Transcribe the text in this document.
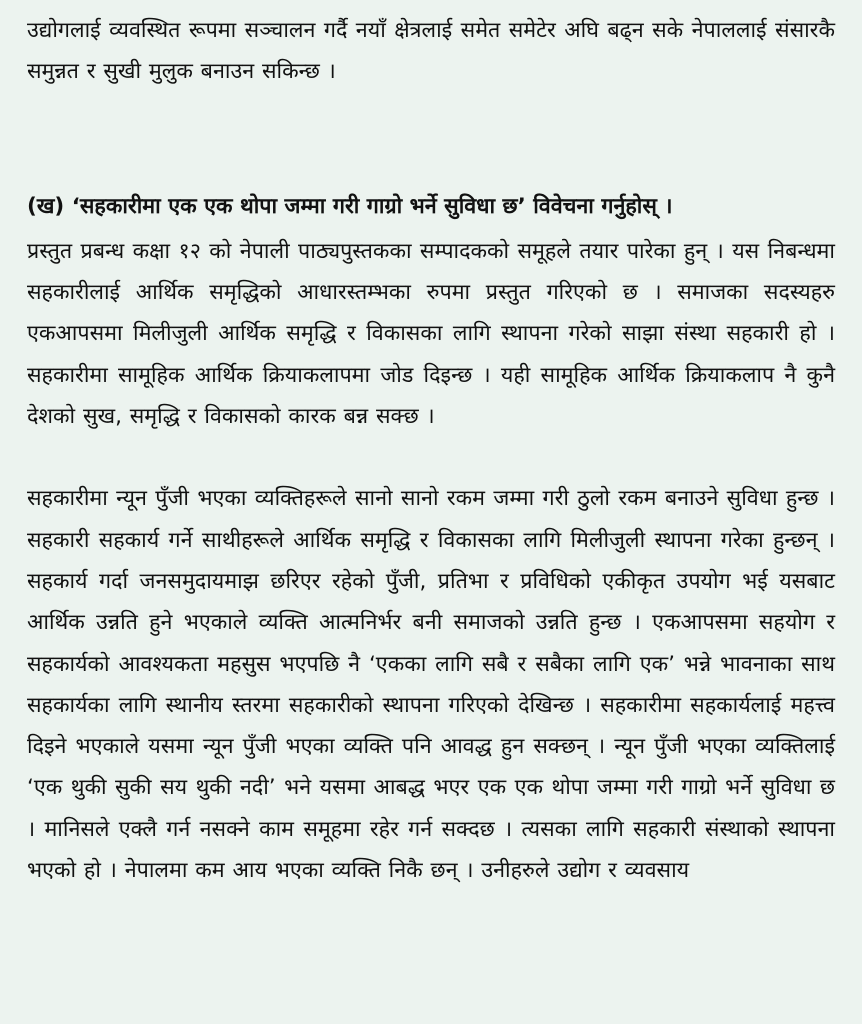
उद्योगलाई व्यवस्थित रूपमा सञ्चालन गर्दै नयाँ क्षेत्रलाई समेत समेटेर अघि बढ्न सके नेपाललाई संसारकै समुन्नत र सुखी मुलुक बनाउन सकिन्छ ।

(ख) ‘सहकारीमा एक एक थोपा जम्मा गरी गाग्रो भर्ने सुविधा छ’ विवेचना गर्नुहोस् ।

प्रस्तुत प्रबन्ध कक्षा १२ को नेपाली पाठ्यपुस्तकका सम्पादकको समूहले तयार पारेका हुन् । यस निबन्धमा सहकारीलाई आर्थिक समृद्धिको आधारस्तम्भका रुपमा प्रस्तुत गरिएको छ । समाजका सदस्यहरु एकआपसमा मिलीजुली आर्थिक समृद्धि र विकासका लागि स्थापना गरेको साझा संस्था सहकारी हो । सहकारीमा सामूहिक आर्थिक क्रियाकलापमा जोड दिइन्छ । यही सामूहिक आर्थिक क्रियाकलाप नै कुनै देशको सुख, समृद्धि र विकासको कारक बन्न सक्छ ।

सहकारीमा न्यून पुँजी भएका व्यक्तिहरूले सानो सानो रकम जम्मा गरी ठुलो रकम बनाउने सुविधा हुन्छ । सहकारी सहकार्य गर्ने साथीहरूले आर्थिक समृद्धि र विकासका लागि मिलीजुली स्थापना गरेका हुन्छन् । सहकार्य गर्दा जनसमुदायमाझ छरिएर रहेको पुँजी, प्रतिभा र प्रविधिको एकीकृत उपयोग भई यसबाट आर्थिक उन्नति हुने भएकाले व्यक्ति आत्मनिर्भर बनी समाजको उन्नति हुन्छ । एकआपसमा सहयोग र सहकार्यको आवश्यकता महसुस भएपछि नै ‘एकका लागि सबै र सबैका लागि एक’ भन्ने भावनाका साथ सहकार्यका लागि स्थानीय स्तरमा सहकारीको स्थापना गरिएको देखिन्छ । सहकारीमा सहकार्यलाई महत्त्व दिइने भएकाले यसमा न्यून पुँजी भएका व्यक्ति पनि आवद्ध हुन सक्छन् । न्यून पुँजी भएका व्यक्तिलाई ‘एक थुकी सुकी सय थुकी नदी’ भने यसमा आबद्ध भएर एक एक थोपा जम्मा गरी गाग्रो भर्ने सुविधा छ । मानिसले एक्लै गर्न नसक्ने काम समूहमा रहेर गर्न सक्दछ । त्यसका लागि सहकारी संस्थाको स्थापना भएको हो । नेपालमा कम आय भएका व्यक्ति निकै छन् । उनीहरुले उद्योग र व्यवसाय
